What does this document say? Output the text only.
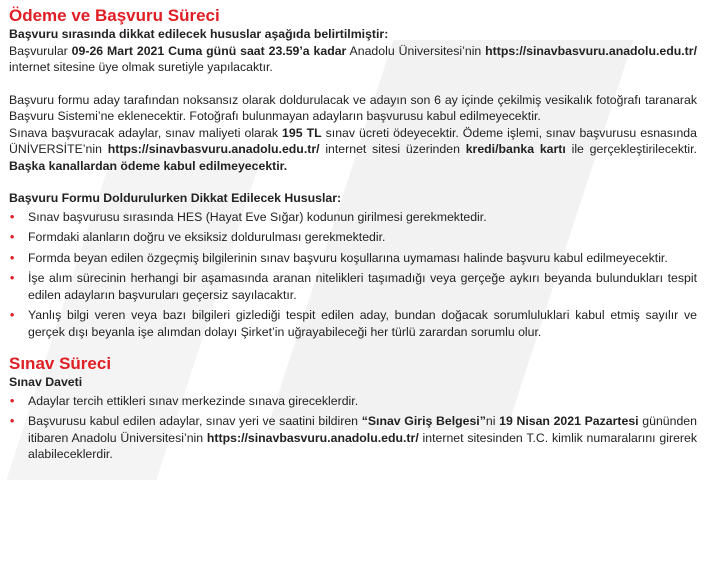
Ödeme ve Başvuru Süreci

Başvuru sırasında dikkat edilecek hususlar aşağıda belirtilmiştir:

Başvurular 09-26 Mart 2021 Cuma günü saat 23.59’a kadar Anadolu Üniversitesi’nin https://sinavbasvuru.anadolu.edu.tr/ internet sitesine üye olmak suretiyle yapılacaktır.

Başvuru formu aday tarafından noksansız olarak doldurulacak ve adayın son 6 ay içinde çekilmiş vesikalık fotoğrafı taranarak Başvuru Sistemi’ne eklenecektir. Fotoğrafı bulunmayan adayların başvurusu kabul edilmeyecektir.

Sınava başvuracak adaylar, sınav maliyeti olarak 195 TL sınav ücreti ödeyecektir. Ödeme işlemi, sınav başvurusu esnasında ÜNİVERSİTE’nin https://sinavbasvuru.anadolu.edu.tr/ internet sitesi üzerinden kredi/banka kartı ile gerçekleştirilecektir. Başka kanallardan ödeme kabul edilmeyecektir.

Başvuru Formu Doldurulurken Dikkat Edilecek Hususlar:

• Sınav başvurusu sırasında HES (Hayat Eve Sığar) kodunun girilmesi gerekmektedir.
• Formdaki alanların doğru ve eksiksiz doldurulması gerekmektedir.
• Formda beyan edilen özgeçmiş bilgilerinin sınav başvuru koşullarına uymaması halinde başvuru kabul edilmeyecektir.
• İşe alım sürecinin herhangi bir aşamasında aranan nitelikleri taşımadığı veya gerçeğe aykırı beyanda bulundukları tespit edilen adayların başvuruları geçersiz sayılacaktır.
• Yanlış bilgi veren veya bazı bilgileri gizlediği tespit edilen aday, bundan doğacak sorumluluklari kabul etmiş sayılır ve gerçek dışı beyanla işe alımdan dolayı Şirket’in uğrayabileceği her türlü zarardan sorumlu olur.
Sınav Süreci

Sınav Daveti

• Adaylar tercih ettikleri sınav merkezinde sınava gireceklerdir.
• Başvurusu kabul edilen adaylar, sınav yeri ve saatini bildiren “Sınav Giriş Belgesi”ni 19 Nisan 2021 Pazartesi gününden itibaren Anadolu Üniversitesi’nin https://sinavbasvuru.anadolu.edu.tr/ internet sitesinden T.C. kimlik numaralarını girerek alabileceklerdir.
